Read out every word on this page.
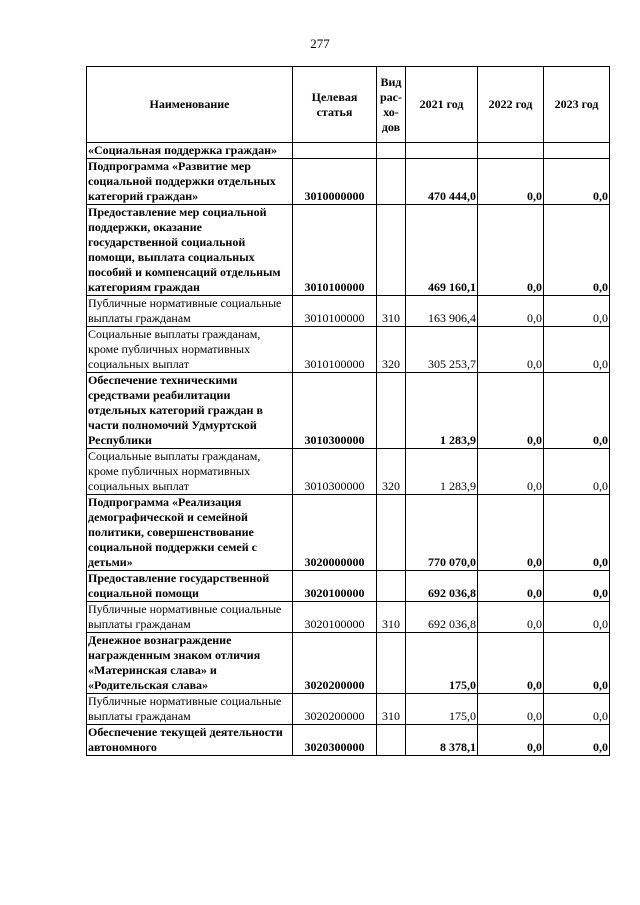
277
Наименование	Целевая статья	Вид рас- хо- дов	2021 год	2022 год	2023 год
«Социальная поддержка граждан»					
Подпрограмма «Развитие мер социальной поддержки отдельных категорий граждан»	3010000000		470 444,0	0,0	0,0
Предоставление мер социальной поддержки, оказание государственной социальной помощи, выплата социальных пособий и компенсаций отдельным категориям граждан	3010100000		469 160,1	0,0	0,0
Публичные нормативные социальные выплаты гражданам	3010100000	310	163 906,4	0,0	0,0
Социальные выплаты гражданам, кроме публичных нормативных социальных выплат	3010100000	320	305 253,7	0,0	0,0
Обеспечение техническими средствами реабилитации отдельных категорий граждан в части полномочий Удмуртской Республики	3010300000		1 283,9	0,0	0,0
Социальные выплаты гражданам, кроме публичных нормативных социальных выплат	3010300000	320	1 283,9	0,0	0,0
Подпрограмма «Реализация демографической и семейной политики, совершенствование социальной поддержки семей с детьми»	3020000000		770 070,0	0,0	0,0
Предоставление государственной социальной помощи	3020100000		692 036,8	0,0	0,0
Публичные нормативные социальные выплаты гражданам	3020100000	310	692 036,8	0,0	0,0
Денежное вознаграждение награжденным знаком отличия «Материнская слава» и «Родительская слава»	3020200000		175,0	0,0	0,0
Публичные нормативные социальные выплаты гражданам	3020200000	310	175,0	0,0	0,0
Обеспечение текущей деятельности автономного	3020300000		8 378,1	0,0	0,0
